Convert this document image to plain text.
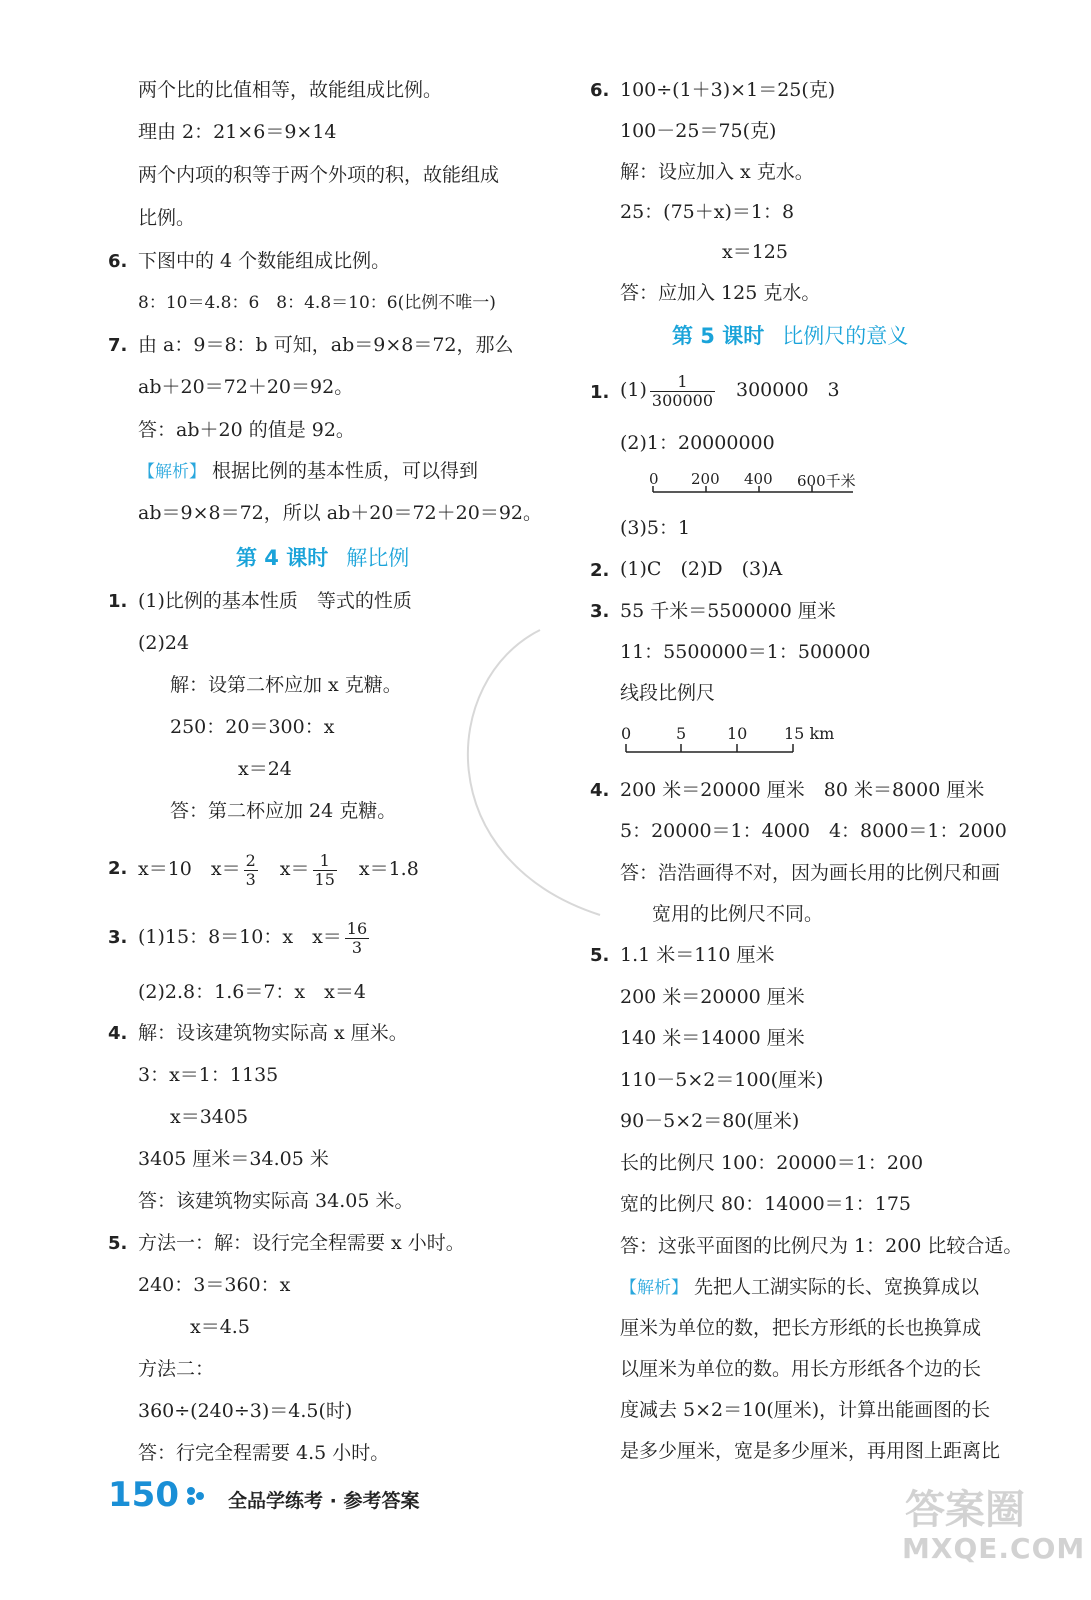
两个比的比值相等，故能组成比例。
理由 2：21×6＝9×14
两个内项的积等于两个外项的积，故能组成
比例。
6. 下图中的 4 个数能组成比例。
8：10＝4.8：6　8：4.8＝10：6(比例不唯一)
7. 由 a：9＝8：b 可知，ab＝9×8＝72，那么
ab＋20＝72＋20＝92。
答：ab＋20 的值是 92。
【解析】 根据比例的基本性质，可以得到
ab＝9×8＝72，所以 ab＋20＝72＋20＝92。
第 4 课时 解比例
1. (1)比例的基本性质　等式的性质
(2)24
解：设第二杯应加 x 克糖。
250：20＝300：x
x＝24
答：第二杯应加 24 克糖。
2. x＝10　$x= \frac{2}{3}$ 　$x= \frac{1}{15}$ 　x＝1.8
3. (1)15：8＝10：x　$x= \frac{16}{3}$
(2)2.8：1.6＝7：x　x＝4
4. 解：设该建筑物实际高 x 厘米。
3：x＝1：1135
x＝3405
3405 厘米＝34.05 米
答：该建筑物实际高 34.05 米。
5. 方法一：解：设行完全程需要 x 小时。
240：3＝360：x
x＝4.5
方法二：
360÷(240÷3)＝4.5(时)
答：行完全程需要 4.5 小时。
6. 100÷(1＋3)×1＝25(克)
100－25＝75(克)
解：设应加入 x 克水。
25：(75＋x)＝1：8
x＝125
答：应加入 125 克水。
第 5 课时 比例尺的意义
1. $(1) \frac{1}{300000} 300000$　3
(2)1：20000000
0 200 400 600千米
(3)5：1
2. (1)C　(2)D　(3)A
3. 55 千米＝5500000 厘米
11：5500000＝1：500000
线段比例尺
0	5	10 15 km
4. 200 米＝20000 厘米　80 米＝8000 厘米
5：20000＝1：4000　4：8000＝1：2000
答：浩浩画得不对，因为画长用的比例尺和画
宽用的比例尺不同。
5. 1.1 米＝110 厘米
200 米＝20000 厘米
140 米＝14000 厘米
110－5×2＝100(厘米)
90－5×2＝80(厘米)
长的比例尺 100：20000＝1：200
宽的比例尺 80：14000＝1：175
答：这张平面图的比例尺为 1：200 比较合适。
【解析】 先把人工湖实际的长、宽换算成以
厘米为单位的数，把长方形纸的长也换算成
以厘米为单位的数。用长方形纸各个边的长
度减去 5×2＝10(厘米)，计算出能画图的长
是多少厘米，宽是多少厘米，再用图上距离比
150	全品学练考 · 参考答案	答案圈
MXQE.COM
